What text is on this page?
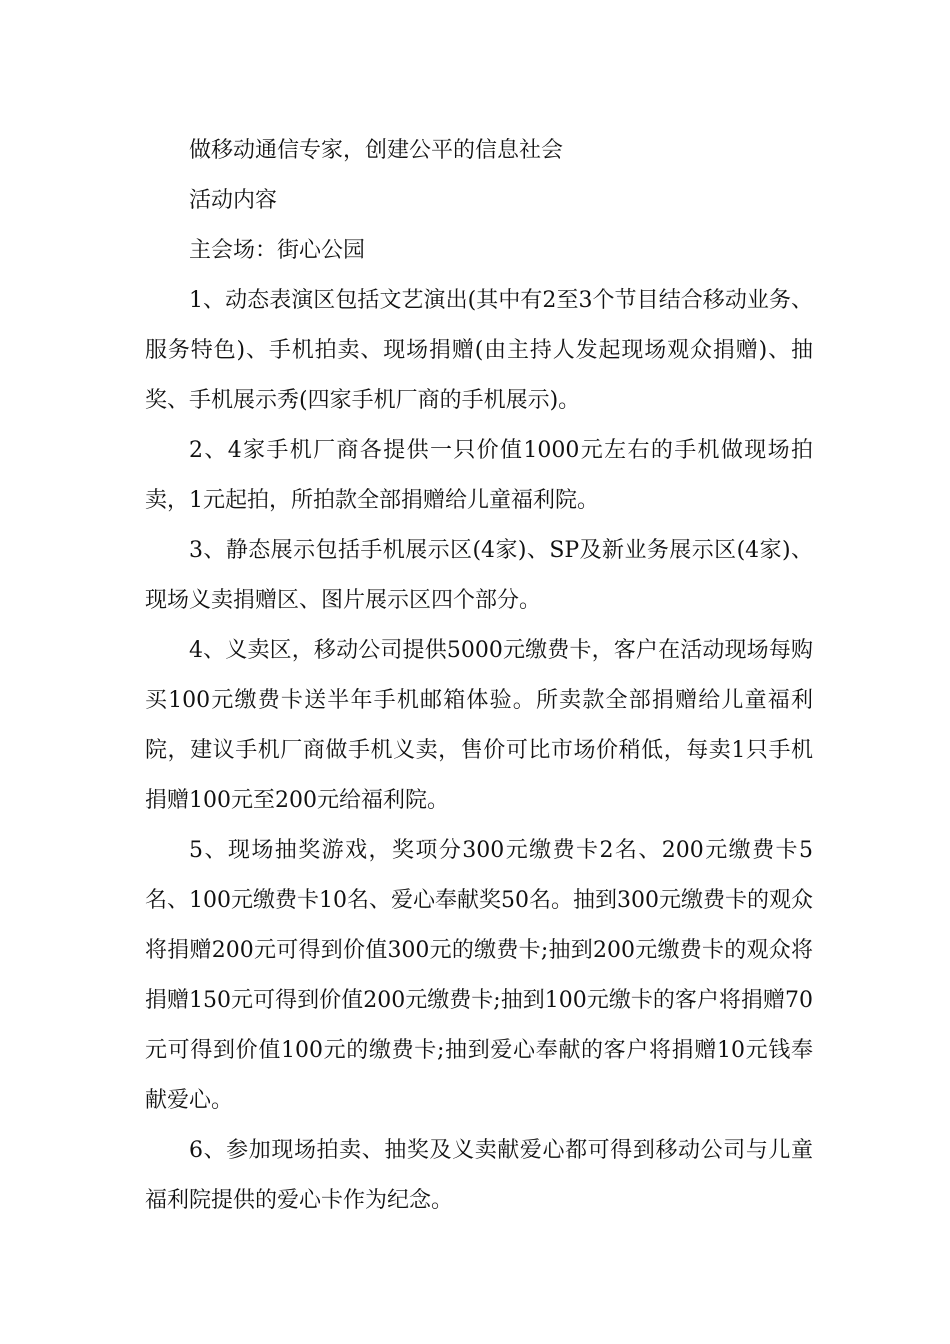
做移动通信专家，创建公平的信息社会

活动内容

主会场：街心公园

1、动态表演区包括文艺演出(其中有2至3个节目结合移动业务、服务特色)、手机拍卖、现场捐赠(由主持人发起现场观众捐赠)、抽奖、手机展示秀(四家手机厂商的手机展示)。

2、4家手机厂商各提供一只价值1000元左右的手机做现场拍卖，1元起拍，所拍款全部捐赠给儿童福利院。

3、静态展示包括手机展示区(4家)、SP及新业务展示区(4家)、现场义卖捐赠区、图片展示区四个部分。

4、义卖区，移动公司提供5000元缴费卡，客户在活动现场每购买100元缴费卡送半年手机邮箱体验。所卖款全部捐赠给儿童福利院，建议手机厂商做手机义卖，售价可比市场价稍低，每卖1只手机捐赠100元至200元给福利院。

5、现场抽奖游戏，奖项分300元缴费卡2名、200元缴费卡5名、100元缴费卡10名、爱心奉献奖50名。抽到300元缴费卡的观众将捐赠200元可得到价值300元的缴费卡;抽到200元缴费卡的观众将捐赠150元可得到价值200元缴费卡;抽到100元缴卡的客户将捐赠70元可得到价值100元的缴费卡;抽到爱心奉献的客户将捐赠10元钱奉献爱心。

6、参加现场拍卖、抽奖及义卖献爱心都可得到移动公司与儿童福利院提供的爱心卡作为纪念。
